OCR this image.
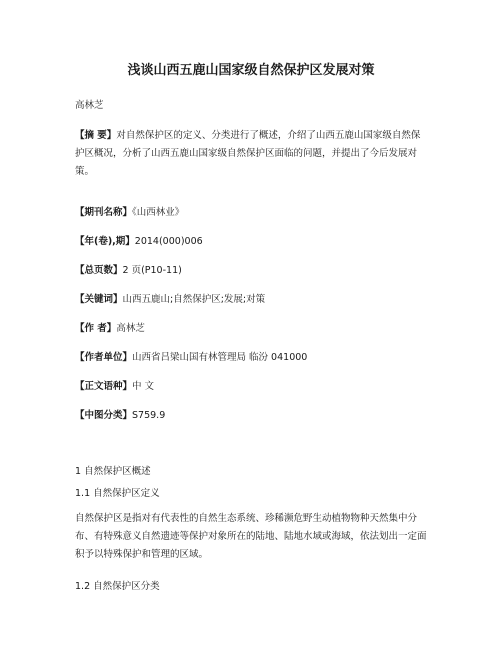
浅谈山西五鹿山国家级自然保护区发展对策
高林芝
【摘 要】对自然保护区的定义、分类进行了概述，介绍了山西五鹿山国家级自然保护区概况，分析了山西五鹿山国家级自然保护区面临的问题，并提出了今后发展对策。
【期刊名称】《山西林业》
【年(卷),期】2014(000)006
【总页数】2 页(P10-11)
【关键词】山西五鹿山;自然保护区;发展;对策
【作 者】高林芝
【作者单位】山西省吕梁山国有林管理局 临汾 041000
【正文语种】中 文
【中图分类】S759.9
1 自然保护区概述
1.1 自然保护区定义
自然保护区是指对有代表性的自然生态系统、珍稀濒危野生动植物物种天然集中分布、有特殊意义自然遗迹等保护对象所在的陆地、陆地水域或海域，依法划出一定面积予以特殊保护和管理的区域。
1.2 自然保护区分类
